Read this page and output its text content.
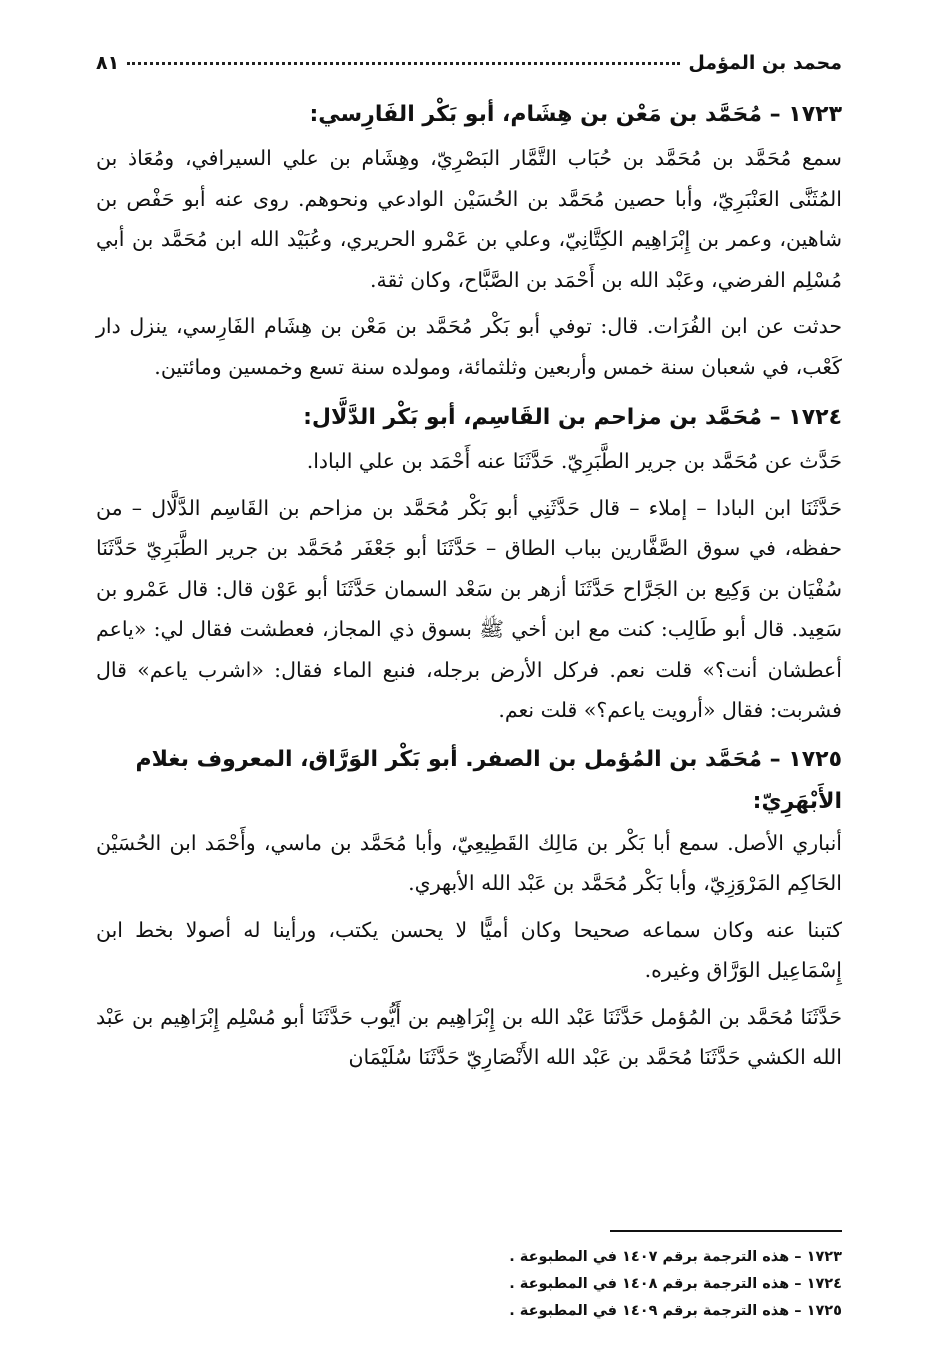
محمد بن المؤمل
٨١
١٧٢٣ – مُحَمَّد بن مَعْن بن هِشَام، أبو بَكْر الفَارِسي:

سمع مُحَمَّد بن مُحَمَّد بن حُبَاب التَّمَّار البَصْرِيّ، وهِشَام بن علي السيرافي، ومُعَاذ بن المُثَنَّى العَنْبَرِيّ، وأبا حصين مُحَمَّد بن الحُسَيْن الوادعي ونحوهم. روى عنه أبو حَفْص بن شاهين، وعمر بن إِبْرَاهِيم الكِتَّانِيّ، وعلي بن عَمْرو الحريري، وعُبَيْد الله ابن مُحَمَّد بن أبي مُسْلِم الفرضي، وعَبْد الله بن أَحْمَد بن الصَّبَّاح، وكان ثقة.

حدثت عن ابن الفُرَات. قال: توفي أبو بَكْر مُحَمَّد بن مَعْن بن هِشَام الفَارِسي، ينزل دار كَعْب، في شعبان سنة خمس وأربعين وثلثمائة، ومولده سنة تسع وخمسين ومائتين.

١٧٢٤ – مُحَمَّد بن مزاحم بن القَاسِم، أبو بَكْر الدَّلَّال:

حَدَّث عن مُحَمَّد بن جرير الطَّبَرِيّ. حَدَّثَنَا عنه أَحْمَد بن علي البادا.

حَدَّثَنَا ابن البادا – إملاء – قال حَدَّثَنِي أبو بَكْر مُحَمَّد بن مزاحم بن القَاسِم الدَّلَّال – من حفظه، في سوق الصَّفَّارين بباب الطاق – حَدَّثَنَا أبو جَعْفَر مُحَمَّد بن جرير الطَّبَرِيّ حَدَّثَنَا سُفْيَان بن وَكِيع بن الجَرَّاح حَدَّثَنَا أزهر بن سَعْد السمان حَدَّثَنَا أبو عَوْن قال: قال عَمْرو بن سَعِيد. قال أبو طَالِب: كنت مع ابن أخي ﷺ بسوق ذي المجاز، فعطشت فقال لي: «ياعم أعطشان أنت؟» قلت نعم. فركل الأرض برجله، فنبع الماء فقال: «اشرب ياعم» قال فشربت: فقال «أرويت ياعم؟» قلت نعم.

١٧٢٥ – مُحَمَّد بن المُؤمل بن الصفر. أبو بَكْر الوَرَّاق، المعروف بغلام
الأَبْهَرِيّ:

أنباري الأصل. سمع أبا بَكْر بن مَالِك القَطِيعِيّ، وأبا مُحَمَّد بن ماسي، وأَحْمَد ابن الحُسَيْن الحَاكِم المَرْوَزِيّ، وأبا بَكْر مُحَمَّد بن عَبْد الله الأبهري.

كتبنا عنه وكان سماعه صحيحا وكان أميًّا لا يحسن يكتب، ورأينا له أصولا بخط ابن إِسْمَاعِيل الوَرَّاق وغيره.

حَدَّثَنَا مُحَمَّد بن المُؤمل حَدَّثَنَا عَبْد الله بن إِبْرَاهِيم بن أَيُّوب حَدَّثَنَا أبو مُسْلِم إِبْرَاهِيم بن عَبْد الله الكشي حَدَّثَنَا مُحَمَّد بن عَبْد الله الأَنْصَارِيّ حَدَّثَنَا سُلَيْمَان

١٧٢٣ – هذه الترجمة برقم ١٤٠٧ في المطبوعة .
١٧٢٤ – هذه الترجمة برقم ١٤٠٨ في المطبوعة .
١٧٢٥ – هذه الترجمة برقم ١٤٠٩ في المطبوعة .
